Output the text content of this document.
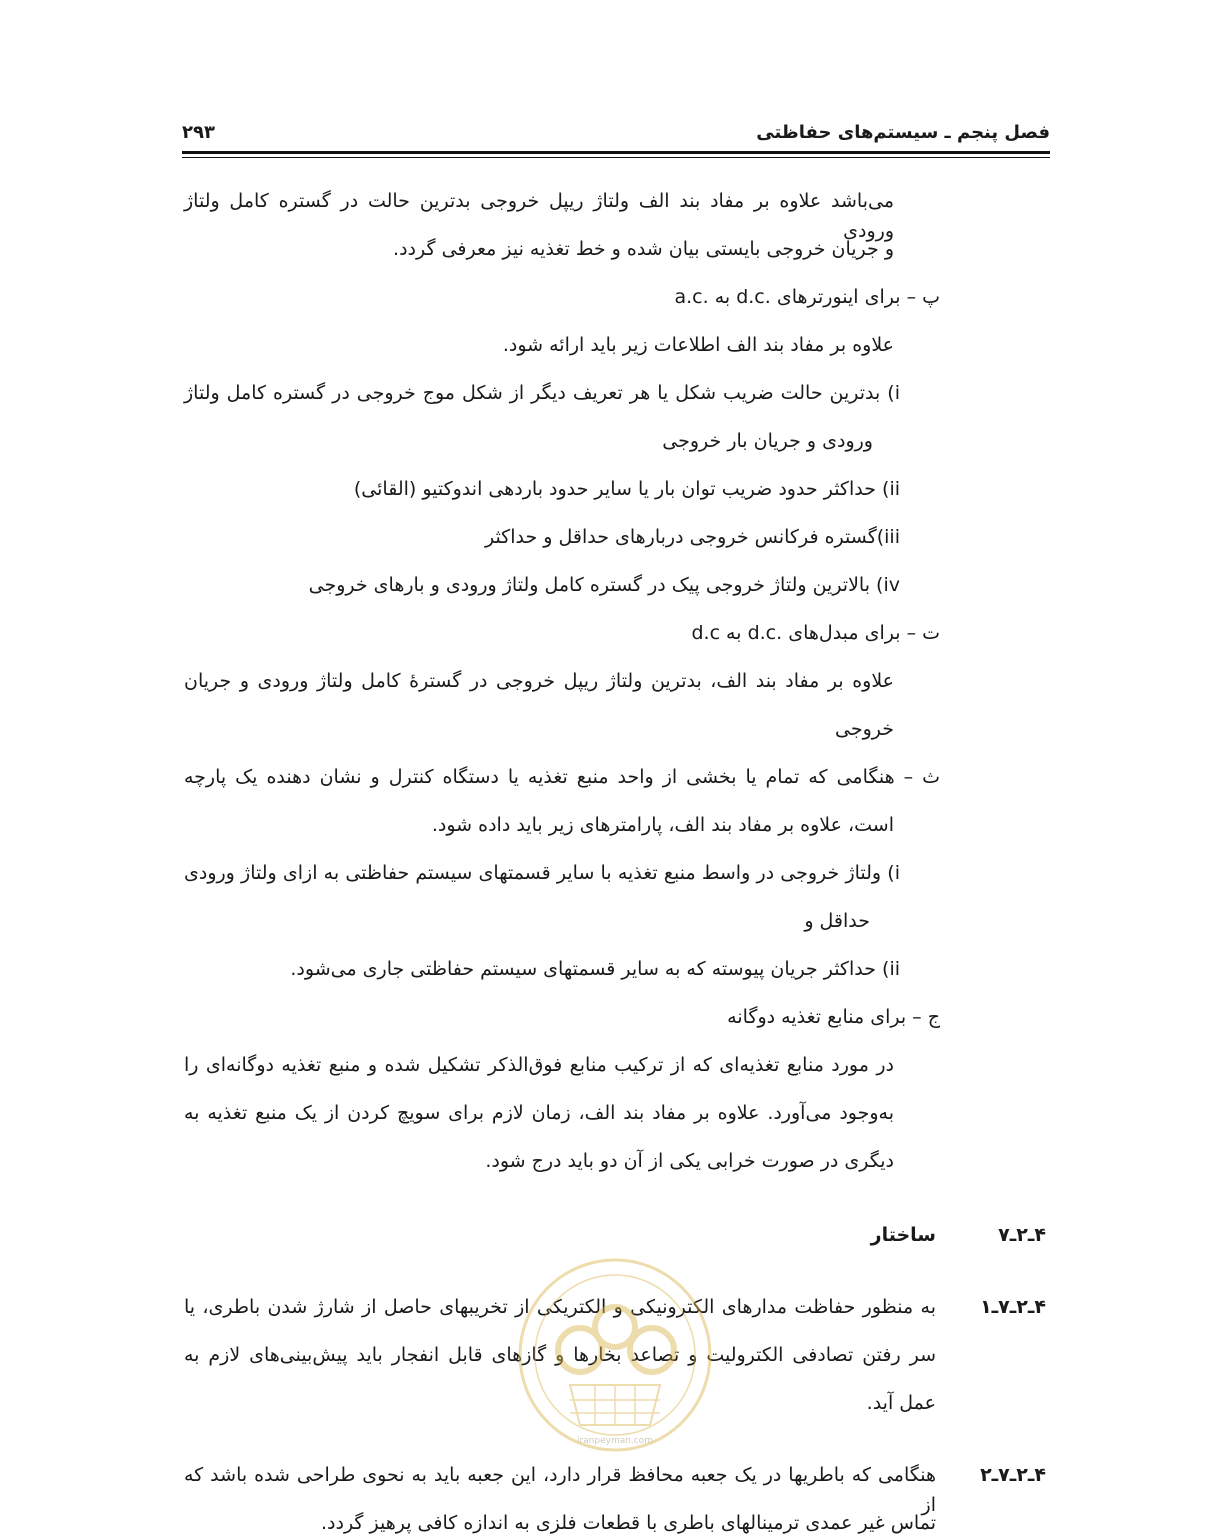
فصل پنجم ـ سیستم‌های حفاظتی
۲۹۳
می‌باشد علاوه بر مفاد بند الف ولتاژ ریپل خروجی بدترین حالت در گستره کامل ولتاژ ورودی
و جریان خروجی بایستی بیان شده و خط تغذیه نیز معرفی گردد.
پ – برای اینورترهای .d.c به .a.c
علاوه بر مفاد بند الف اطلاعات زیر باید ارائه شود.
i) بدترین حالت ضریب شکل یا هر تعریف دیگر از شکل موج خروجی در گستره کامل ولتاژ
ورودی و جریان بار خروجی
ii) حداکثر حدود ضریب توان بار یا سایر حدود باردهی اندوکتیو (القائی)
iii)گستره فرکانس خروجی دربارهای حداقل و حداکثر
iv) بالاترین ولتاژ خروجی پیک در گستره کامل ولتاژ ورودی و بارهای خروجی
ت – برای مبدل‌های .d.c به d.c
علاوه بر مفاد بند الف، بدترین ولتاژ ریپل خروجی در گسترهٔ کامل ولتاژ ورودی و جریان
خروجی
ث – هنگامی که تمام یا بخشی از واحد منبع تغذیه یا دستگاه کنترل و نشان دهنده یک پارچه
است، علاوه بر مفاد بند الف، پارامترهای زیر باید داده شود.
i) ولتاژ خروجی در واسط منبع تغذیه با سایر قسمتهای سیستم حفاظتی به ازای ولتاژ ورودی
حداقل و
ii) حداکثر جریان پیوسته که به سایر قسمتهای سیستم حفاظتی جاری می‌شود.
ج – برای منابع تغذیه دوگانه
در مورد منابع تغذیه‌ای که از ترکیب منابع فوق‌الذکر تشکیل شده و منبع تغذیه دوگانه‌ای را
به‌وجود می‌آورد. علاوه بر مفاد بند الف، زمان لازم برای سویچ کردن از یک منبع تغذیه به
دیگری در صورت خرابی یکی از آن دو باید درج شود.
۴ـ۲ـ۷
ساختار
۴ـ۲ـ۷ـ۱
به منظور حفاظت مدارهای الکترونیکی و الکتریکی از تخریبهای حاصل از شارژ شدن باطری، یا
سر رفتن تصادفی الکترولیت و تصاعد بخارها و گازهای قابل انفجار باید پیش‌بینی‌های لازم به
عمل آید.
۴ـ۲ـ۷ـ۲
هنگامی که باطریها در یک جعبه محافظ قرار دارد، این جعبه باید به نحوی طراحی شده باشد که از
تماس غیر عمدی ترمینالهای باطری با قطعات فلزی به اندازه کافی پرهیز گردد.
iranpeyman.com
